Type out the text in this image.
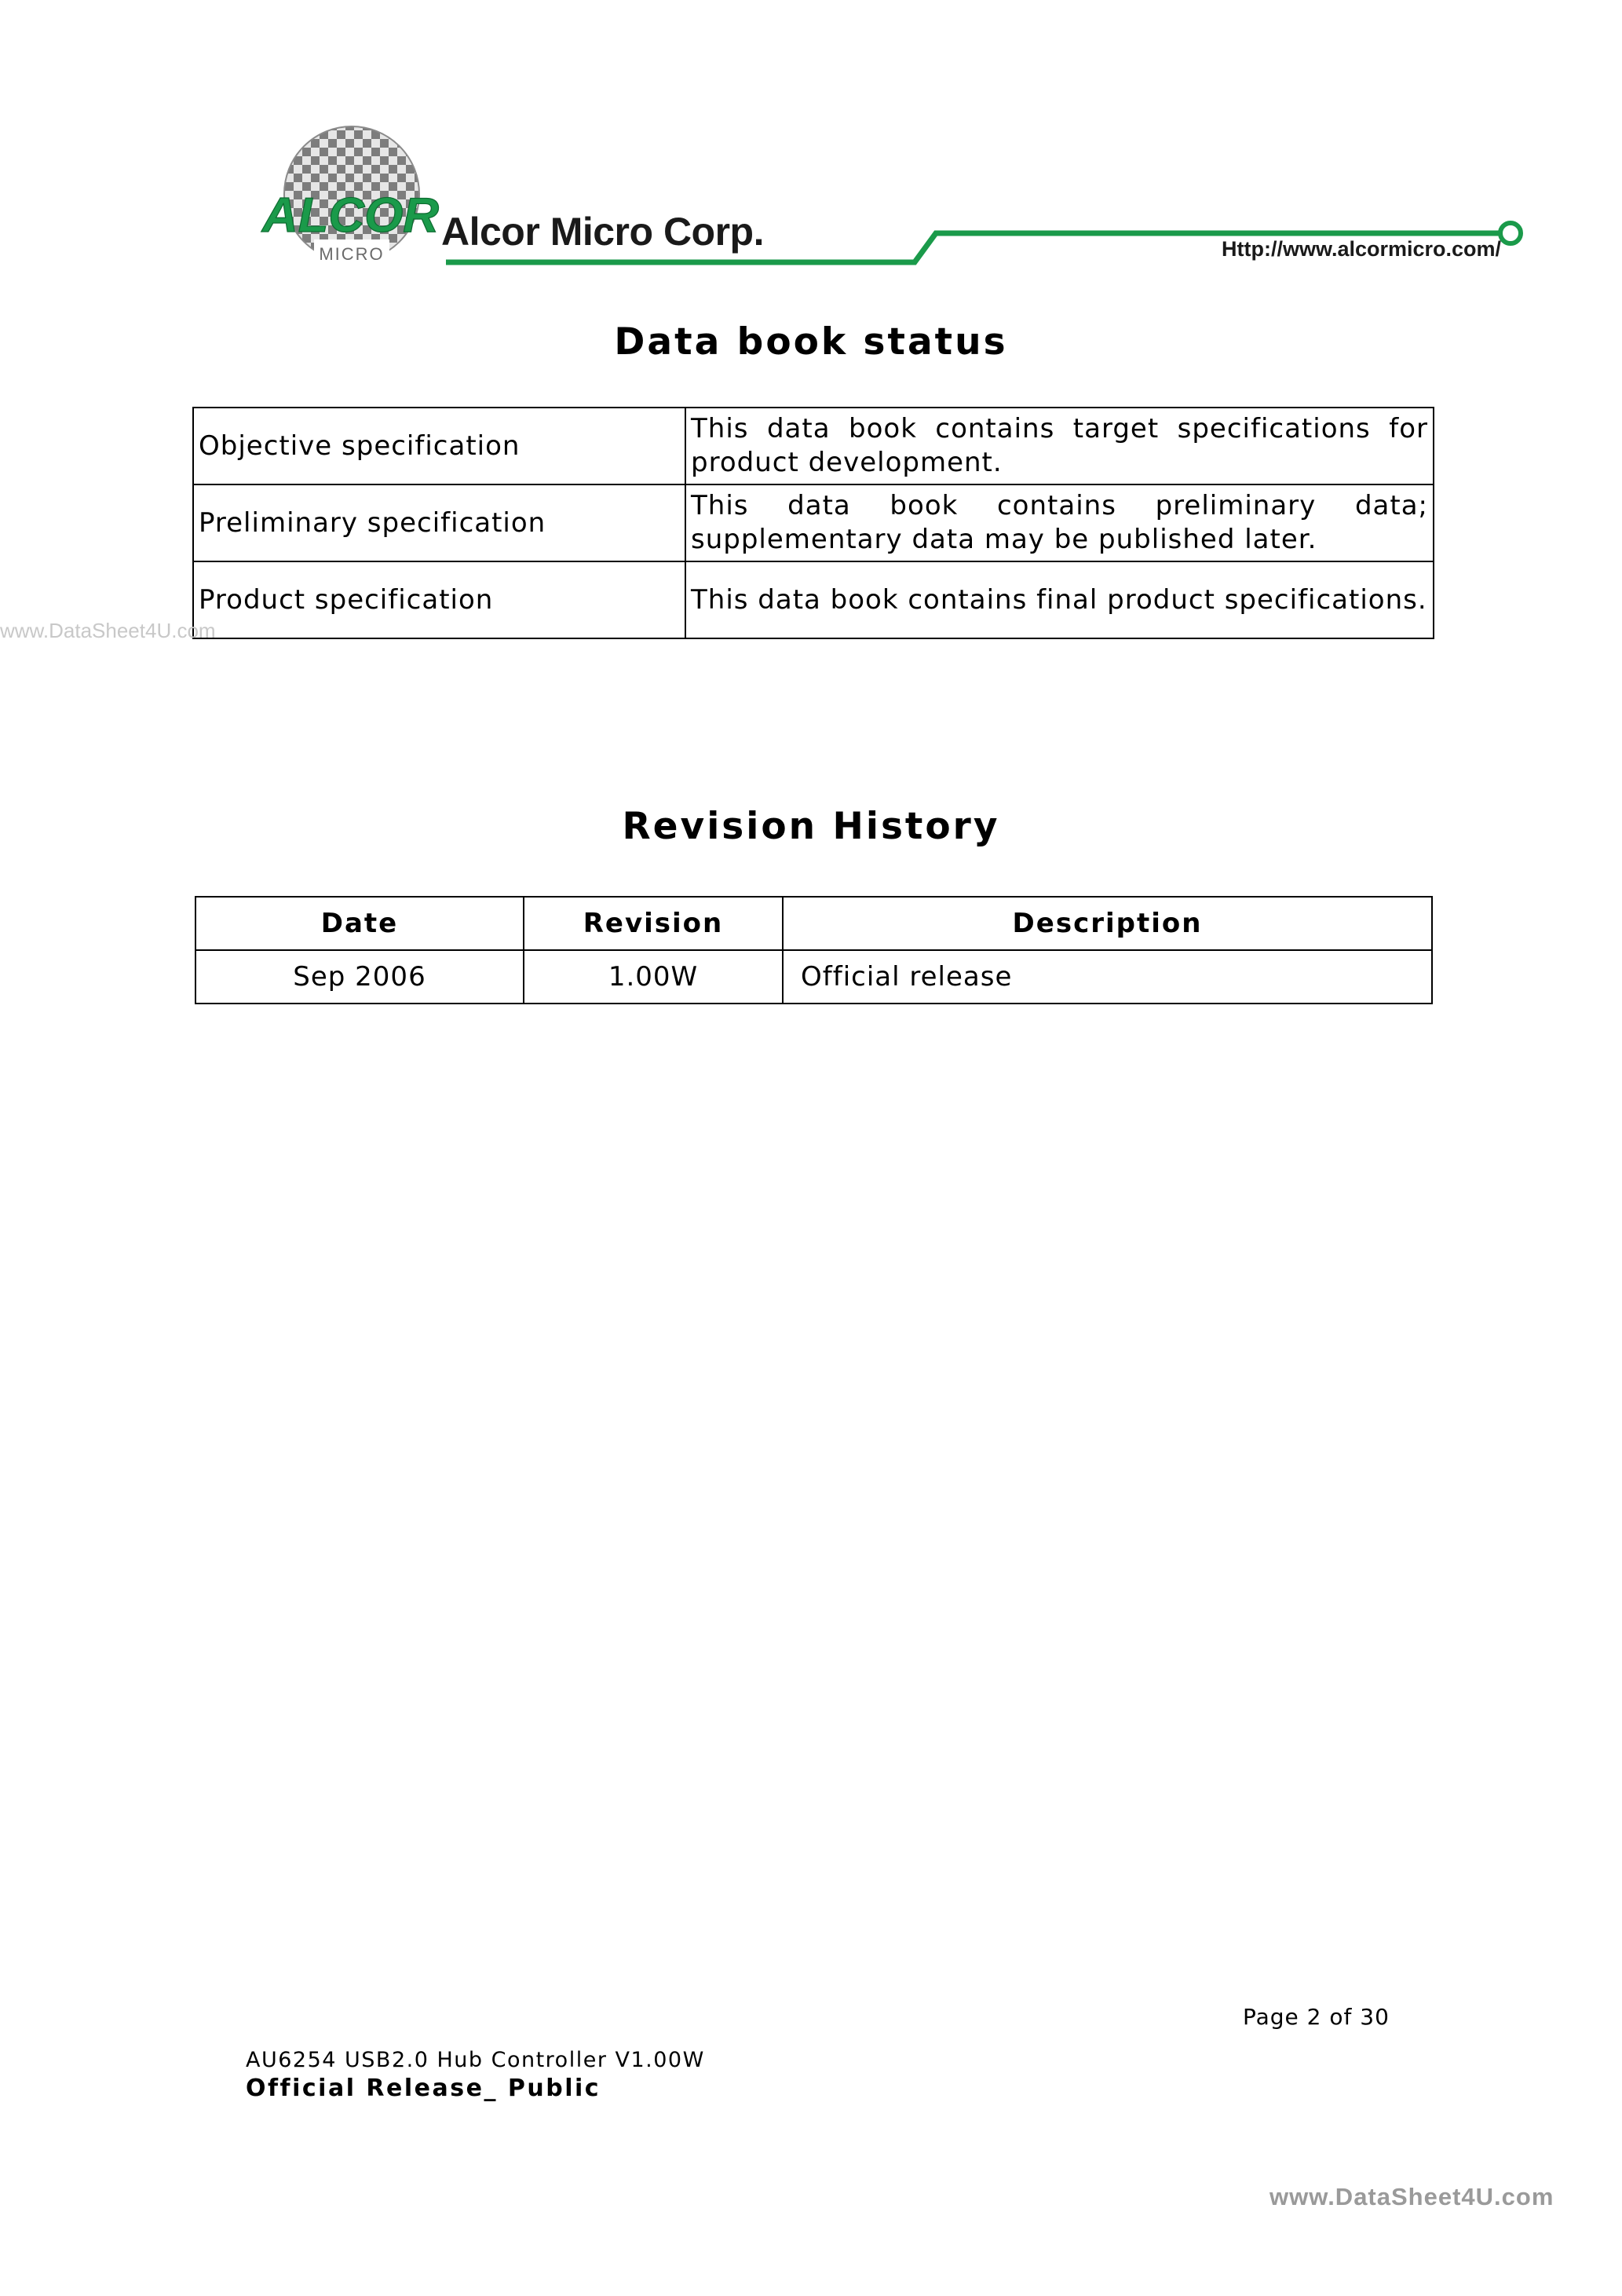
ALCOR
MICRO
Alcor Micro Corp.	Http://www.alcormicro.com/
Data book status
Objective specification	This data book contains target specifications for product development.
Preliminary specification	This data book contains preliminary data; supplementary data may be published later.
Product specification	This data book contains final product specifications.
Revision History
Date	Revision	Description
Sep 2006	1.00W	Official release
Page 2 of 30
AU6254 USB2.0 Hub Controller V1.00W
Official Release_ Public
www.DataSheet4U.com
www.DataSheet4U.com
